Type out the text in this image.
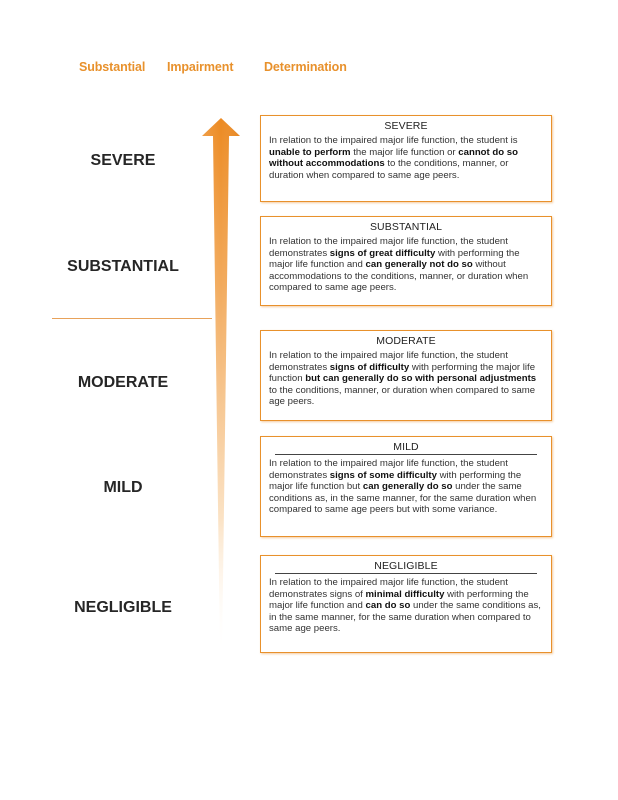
Substantial Impairment Determination
SEVERE
SUBSTANTIAL
MODERATE
MILD
NEGLIGIBLE
SEVERE
In relation to the impaired major life function, the student is unable to perform the major life function or cannot do so without accommodations to the conditions, manner, or duration when compared to same age peers.
SUBSTANTIAL
In relation to the impaired major life function, the student demonstrates signs of great difficulty with performing the major life function and can generally not do so without accommodations to the conditions, manner, or duration when compared to same age peers.
MODERATE
In relation to the impaired major life function, the student demonstrates signs of difficulty with performing the major life function but can generally do so with personal adjustments to the conditions, manner, or duration when compared to same age peers.
MILD
In relation to the impaired major life function, the student demonstrates signs of some difficulty with performing the major life function but can generally do so under the same conditions as, in the same manner, for the same duration when compared to same age peers but with some variance.
NEGLIGIBLE
In relation to the impaired major life function, the student demonstrates signs of minimal difficulty with performing the major life function and can do so under the same conditions as, in the same manner, for the same duration when compared to same age peers.
